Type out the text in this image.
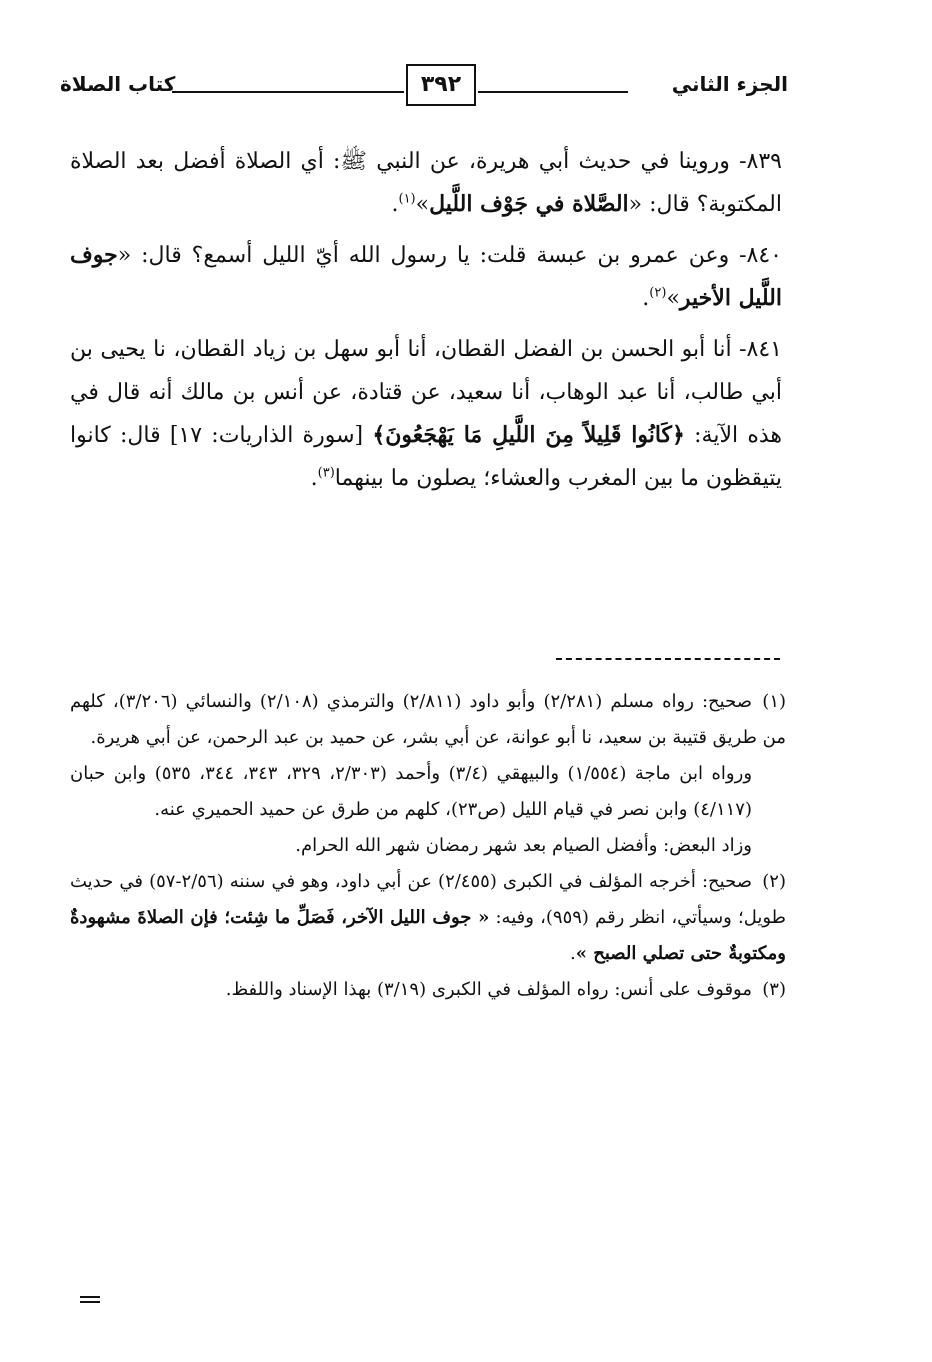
الجزء الثاني
٣٩٢
كتاب الصلاة

٨٣٩- وروينا في حديث أبي هريرة، عن النبي ﷺ: أي الصلاة أفضل بعد الصلاة المكتوبة؟ قال: «الصَّلاة في جَوْف اللَّيل»$^{(١)}$.

٨٤٠- وعن عمرو بن عبسة قلت: يا رسول الله أيّ الليل أسمع؟ قال: «جوف اللَّيل الأخير»$^{(٢)}$.

٨٤١- أنا أبو الحسن بن الفضل القطان، أنا أبو سهل بن زياد القطان، نا يحيى بن أبي طالب، أنا عبد الوهاب، أنا سعيد، عن قتادة، عن أنس بن مالك أنه قال في هذه الآية: ﴿كَانُوا قَلِيلاً مِنَ اللَّيلِ مَا يَهْجَعُونَ﴾ [سورة الذاريات: ١٧] قال: كانوا يتيقظون ما بين المغرب والعشاء؛ يصلون ما بينهما$^{(٣)}$.

(١)صحيح: رواه مسلم (٢/٢٨١) وأبو داود (٢/٨١١) والترمذي (٢/١٠٨) والنسائي (٣/٢٠٦)، كلهم من طريق قتيبة بن سعيد، نا أبو عوانة، عن أبي بشر، عن حميد بن عبد الرحمن، عن أبي هريرة.

ورواه ابن ماجة (١/٥٥٤) والبيهقي (٣/٤) وأحمد (٢/٣٠٣، ٣٢٩، ٣٤٣، ٣٤٤، ٥٣٥) وابن حبان (٤/١١٧) وابن نصر في قيام الليل (ص٢٣)، كلهم من طرق عن حميد الحميري عنه.

وزاد البعض: وأفضل الصيام بعد شهر رمضان شهر الله الحرام.

(٢)صحيح: أخرجه المؤلف في الكبرى (٢/٤٥٥) عن أبي داود، وهو في سننه (٢/٥٦-٥٧) في حديث طويل؛ وسيأتي، انظر رقم (٩٥٩)، وفيه: « جوف الليل الآخر، فَصَلِّ ما شِئت؛ فإن الصلاةَ مشهودةٌ ومكتوبةٌ حتى تصلي الصبح ».

(٣)موقوف على أنس: رواه المؤلف في الكبرى (٣/١٩) بهذا الإسناد واللفظ.
